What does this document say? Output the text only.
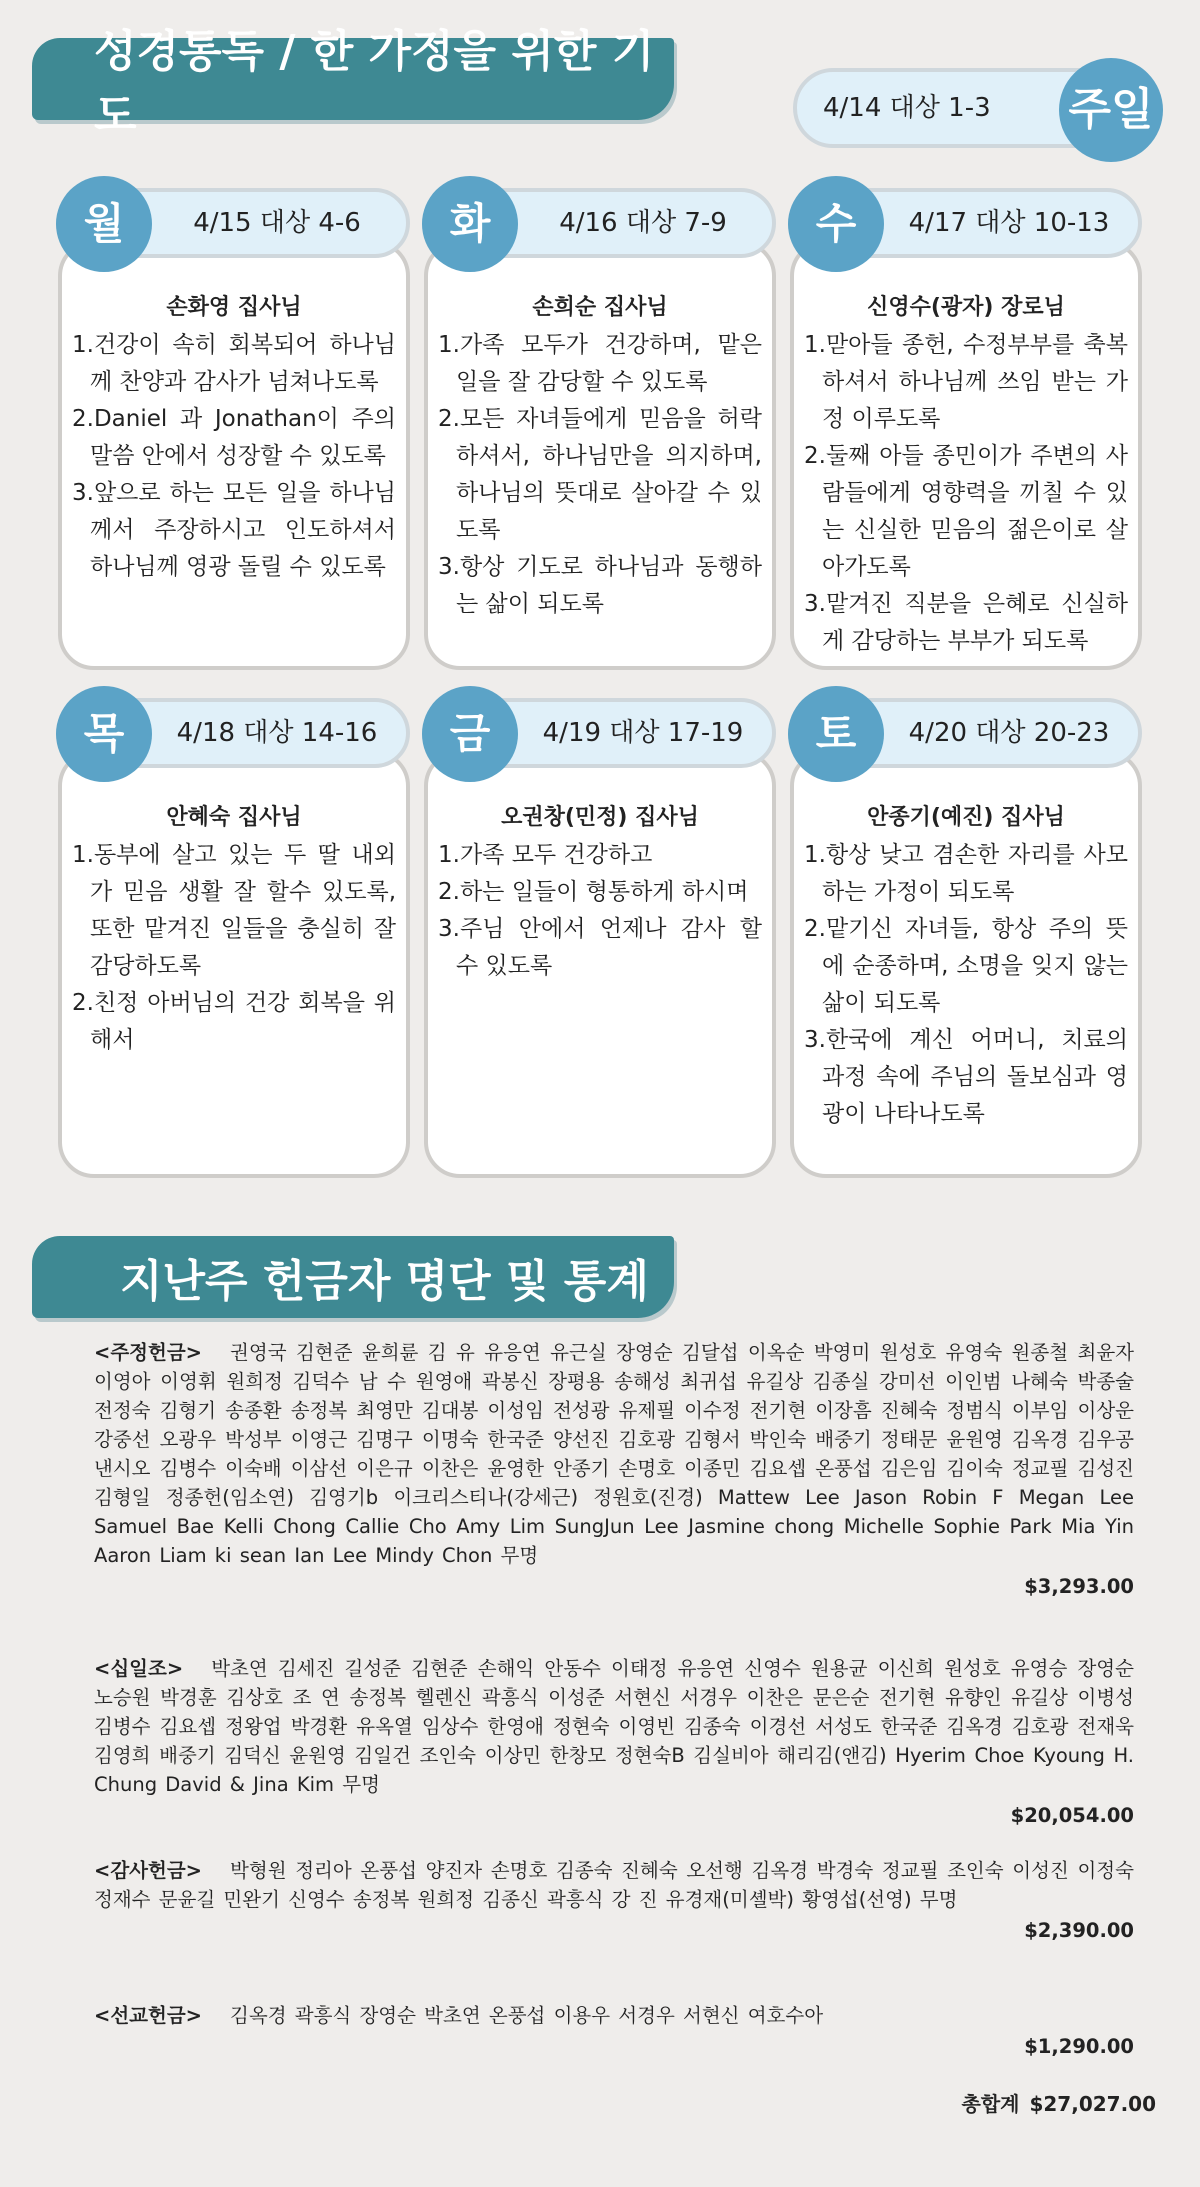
성경통독 / 한 가정을 위한 기도	4/14 대상 1-3 주일
손화영 집사님
1.건강이 속히 회복되어 하나님께 찬양과 감사가 넘쳐나도록
2.Daniel 과 Jonathan이 주의 말씀 안에서 성장할 수 있도록
3.앞으로 하는 모든 일을 하나님께서 주장하시고 인도하셔서 하나님께 영광 돌릴 수 있도록
4/15 대상 4-6
월
손희순 집사님
1.가족 모두가 건강하며, 맡은 일을 잘 감당할 수 있도록
2.모든 자녀들에게 믿음을 허락하셔서, 하나님만을 의지하며, 하나님의 뜻대로 살아갈 수 있도록
3.항상 기도로 하나님과 동행하는 삶이 되도록
4/16 대상 7-9
화
신영수(광자) 장로님
1.맏아들 종헌, 수정부부를 축복하셔서 하나님께 쓰임 받는 가정 이루도록
2.둘째 아들 종민이가 주변의 사람들에게 영향력을 끼칠 수 있는 신실한 믿음의 젊은이로 살아가도록
3.맡겨진 직분을 은혜로 신실하게 감당하는 부부가 되도록
4/17 대상 10-13
수
안혜숙 집사님
1.동부에 살고 있는 두 딸 내외가 믿음 생활 잘 할수 있도록, 또한 맡겨진 일들을 충실히 잘 감당하도록
2.친정 아버님의 건강 회복을 위해서
4/18 대상 14-16
목
오권창(민정) 집사님
1.가족 모두 건강하고
2.하는 일들이 형통하게 하시며
3.주님 안에서 언제나 감사 할 수 있도록
4/19 대상 17-19
금
안종기(예진) 집사님
1.항상 낮고 겸손한 자리를 사모하는 가정이 되도록
2.맡기신 자녀들, 항상 주의 뜻에 순종하며, 소명을 잊지 않는 삶이 되도록
3.한국에 계신 어머니, 치료의 과정 속에 주님의 돌보심과 영광이 나타나도록
4/20 대상 20-23
토
지난주 헌금자 명단 및 통계
<주정헌금> 권영국 김현준 윤희륜 김 유 유응연 유근실 장영순 김달섭 이옥순 박영미 원성호 유영숙 원종철 최윤자 이영아 이영휘 원희정 김덕수 남 수 원영애 곽봉신 장평용 송해성 최귀섭 유길상 김종실 강미선 이인범 나혜숙 박종술 전정숙 김형기 송종환 송정복 최영만 김대봉 이성임 전성광 유제필 이수정 전기현 이장흠 진혜숙 정범식 이부임 이상운 강중선 오광우 박성부 이영근 김명구 이명숙 한국준 양선진 김호광 김형서 박인숙 배중기 정태문 윤원영 김옥경 김우공 낸시오 김병수 이숙배 이삼선 이은규 이찬은 윤영한 안종기 손명호 이종민 김요셉 온풍섭 김은임 김이숙 정교필 김성진 김형일 정종헌(임소연) 김영기b 이크리스티나(강세근) 정원호(진경) Mattew Lee Jason Robin F Megan Lee Samuel Bae Kelli Chong Callie Cho Amy Lim SungJun Lee Jasmine chong Michelle Sophie Park Mia Yin Aaron Liam ki sean Ian Lee Mindy Chon 무명
$3,293.00
<십일조> 박초연 김세진 길성준 김현준 손해익 안동수 이태정 유응연 신영수 원용균 이신희 원성호 유영승 장영순 노승원 박경훈 김상호 조 연 송정복 헬렌신 곽흥식 이성준 서현신 서경우 이찬은 문은순 전기현 유향인 유길상 이병성 김병수 김요셉 정왕업 박경환 유옥열 임상수 한영애 정현숙 이영빈 김종숙 이경선 서성도 한국준 김옥경 김호광 전재욱 김영희 배중기 김덕신 윤원영 김일건 조인숙 이상민 한창모 정현숙B 김실비아 해리김(앤김) Hyerim Choe Kyoung H. Chung David & Jina Kim 무명
$20,054.00
<감사헌금> 박형원 정리아 온풍섭 양진자 손명호 김종숙 진혜숙 오선행 김옥경 박경숙 정교필 조인숙 이성진 이정숙 정재수 문윤길 민완기 신영수 송정복 원희정 김종신 곽흥식 강 진 유경재(미셸박) 황영섭(선영) 무명
$2,390.00
<선교헌금> 김옥경 곽흥식 장영순 박초연 온풍섭 이용우 서경우 서현신 여호수아
$1,290.00
총합계 $27,027.00
